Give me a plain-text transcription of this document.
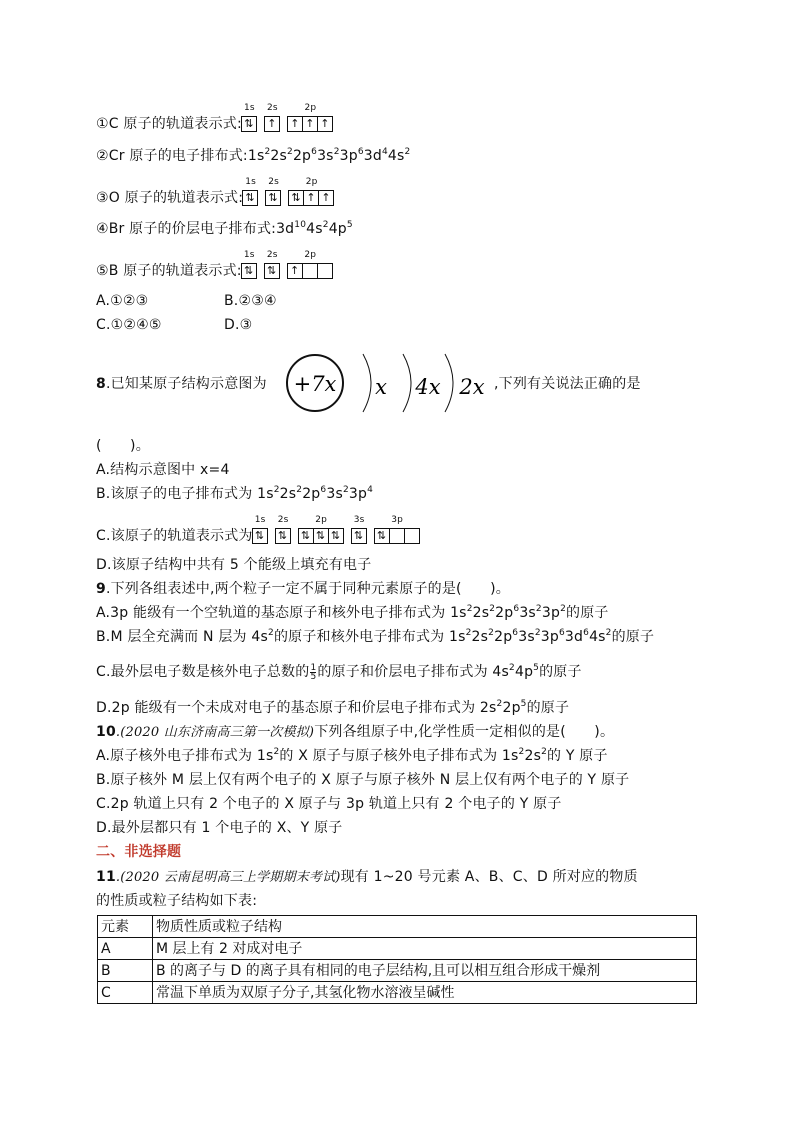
①C 原子的轨道表示式:
1s
⇅
2s
↑
2p
↑ ↑ ↑
②Cr 原子的电子排布式$:1s^22s^22p^63s^23p^63d^44s^2$
③O 原子的轨道表示式:
1s
⇅
2s
⇅
2p
⇅ ↑ ↑
④Br 原子的价层电子排布式$:3d^{10}4s^24p^5$
⑤B 原子的轨道表示式:
1s
⇅
2s
⇅
2p
↑
A.①②③	B.②③④
C.①②④⑤	D.③
8.已知某原子结构示意图为 +7x x 4x 2x ,下列有关说法正确的是
(　　)。
A.结构示意图中 x=4
B.该原子的电子排布式为 $1s^22s^22p^63s^23p^4$
C.该原子的轨道表示式为
1s
⇅
2s
⇅
2p
⇅ ⇅ ⇅
3s
⇅
3p
⇅
D.该原子结构中共有 5 个能级上填充有电子
9.下列各组表述中,两个粒子一定不属于同种元素原子的是(　　)。
A.3p 能级有一个空轨道的基态原子和核外电子排布式为 $1s^22s^22p^63s^23p^2$的原子
B.M 层全充满而 N 层为 $4s^2$的原子和核外电子排布式为 $1s^22s^22p^63s^23p^63d^64s^2$的原子
C.最外层电子数是核外电子总数的 $\frac{1}{5}$ 的原子和价层电子排布式为 $4s^24p^5$的原子
D.2p 能级有一个未成对电子的基态原子和价层电子排布式为 $2s^22p^5$的原子
10.(2020 山东济南高三第一次模拟)下列各组原子中,化学性质一定相似的是(　　)。
A.原子核外电子排布式为 $1s^2$的 X 原子与原子核外电子排布式为 $1s^22s^2$的 Y 原子
B.原子核外 M 层上仅有两个电子的 X 原子与原子核外 N 层上仅有两个电子的 Y 原子
C.2p 轨道上只有 2 个电子的 X 原子与 3p 轨道上只有 2 个电子的 Y 原子
D.最外层都只有 1 个电子的 X、Y 原子
二、非选择题
11.(2020 云南昆明高三上学期期末考试)现有 1~20 号元素 A、B、C、D 所对应的物质
的性质或粒子结构如下表:
元素	物质性质或粒子结构
A	M 层上有 2 对成对电子
B	B 的离子与 D 的离子具有相同的电子层结构,且可以相互组合形成干燥剂
C	常温下单质为双原子分子,其氢化物水溶液呈碱性
